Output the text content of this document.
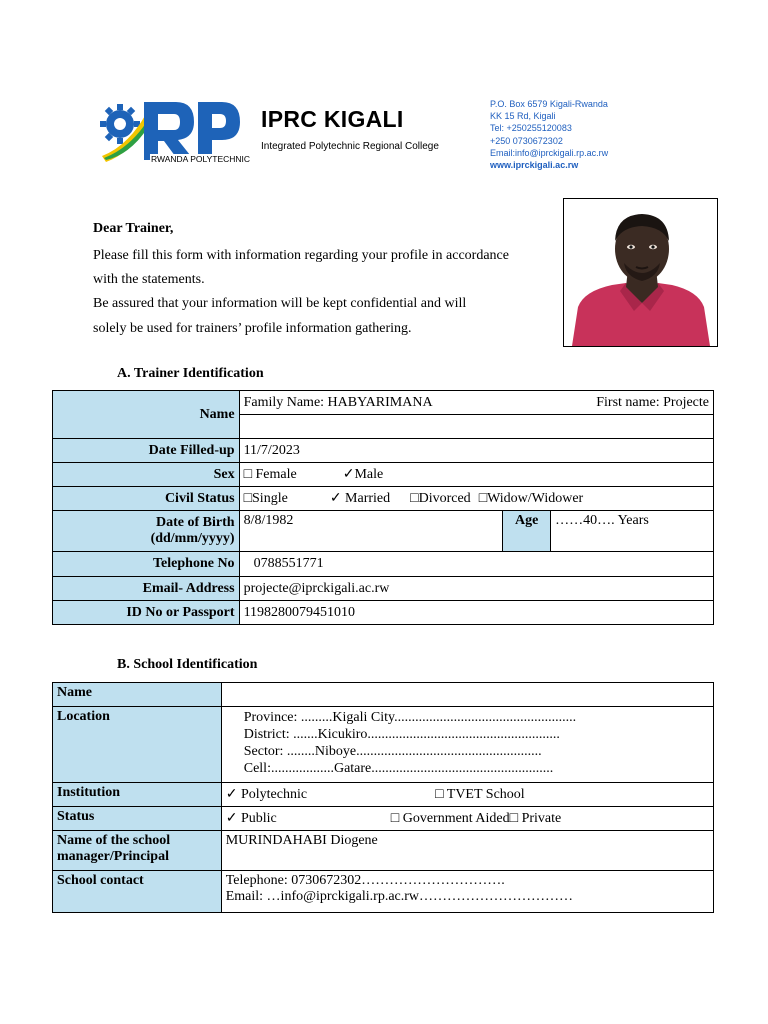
RWANDA POLYTECHNIC
IPRC KIGALI
Integrated Polytechnic Regional College
P.O. Box 6579 Kigali-Rwanda
KK 15 Rd, Kigali
Tel: +250255120083
+250 0730672302
Email:info@iprckigali.rp.ac.rw
www.iprckigali.ac.rw
Dear Trainer,
Please fill this form with information regarding your profile in accordance
with the statements.
Be assured that your information will be kept confidential and will
solely be used for trainers’ profile information gathering.
A. Trainer Identification
Name	Family Name: HABYARIMANA First name: Projecte		

Date Filled-up	11/7/2023		
Sex	□ Female ✓Male		
Civil Status	□Single ✓ Married □Divorced □Widow/Widower		

Date of Birth
(dd/mm/yyyy)	8/8/1982	Age	……40…. Years
Telephone No	0788551771		
Email- Address	projecte@iprckigali.ac.rw		
ID No or Passport	1198280079451010		
B. School Identification
Name	
Location	Province: .........Kigali City....................................................
District: .......Kicukiro.......................................................
Sector: ........Niboye.....................................................
Cell:..................Gatare....................................................

Institution	✓ Polytechnic □ TVET School
Status	✓ Public □ Government Aided□ Private

Name of the school
manager/Principal	MURINDAHABI Diogene
School contact	Telephone: 0730672302………………………….
Email: …info@iprckigali.rp.ac.rw……………………………
